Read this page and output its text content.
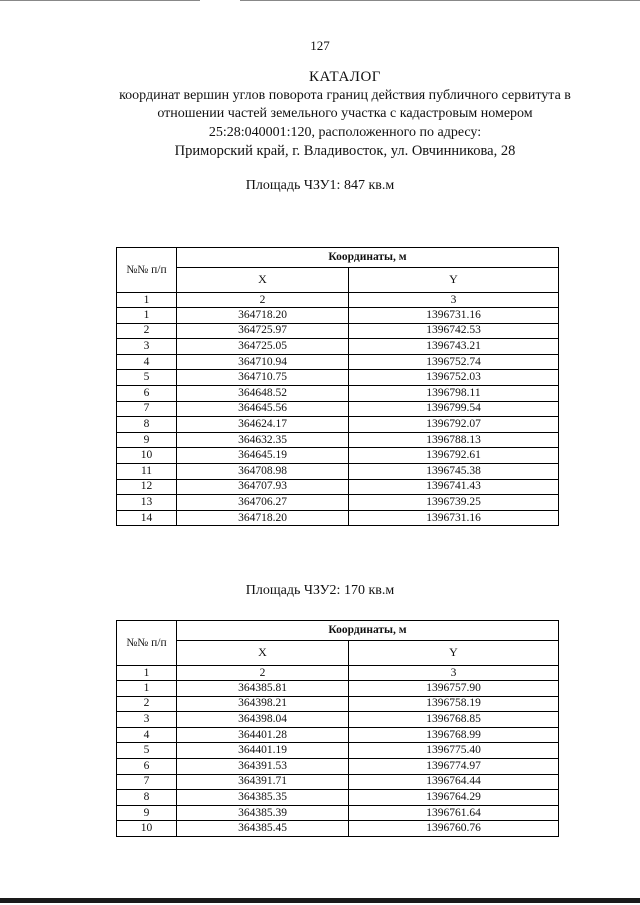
127
КАТАЛОГ
координат вершин углов поворота границ действия публичного сервитута в
отношении частей земельного участка с кадастровым номером
25:28:040001:120, расположенного по адресу:
Приморский край, г. Владивосток, ул. Овчинникова, 28
Площадь ЧЗУ1: 847 кв.м
№№ п/п	Координаты, м	
	X	Y
1	2	3
1	364718.20	1396731.16
2	364725.97	1396742.53
3	364725.05	1396743.21
4	364710.94	1396752.74
5	364710.75	1396752.03
6	364648.52	1396798.11
7	364645.56	1396799.54
8	364624.17	1396792.07
9	364632.35	1396788.13
10	364645.19	1396792.61
11	364708.98	1396745.38
12	364707.93	1396741.43
13	364706.27	1396739.25
14	364718.20	1396731.16
Площадь ЧЗУ2: 170 кв.м
№№ п/п	Координаты, м	
	X	Y
1	2	3
1	364385.81	1396757.90
2	364398.21	1396758.19
3	364398.04	1396768.85
4	364401.28	1396768.99
5	364401.19	1396775.40
6	364391.53	1396774.97
7	364391.71	1396764.44
8	364385.35	1396764.29
9	364385.39	1396761.64
10	364385.45	1396760.76
